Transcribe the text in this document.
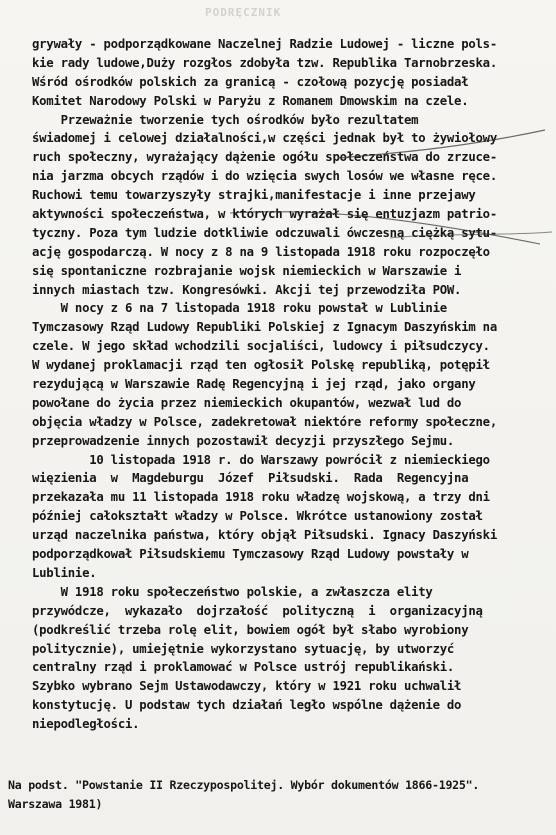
PODRĘCZNIK
grywały - podporządkowane Naczelnej Radzie Ludowej - liczne pols-
kie rady ludowe,Duży rozgłos zdobyła tzw. Republika Tarnobrzeska.
Wśród ośrodków polskich za granicą - czołową pozycję posiadał
Komitet Narodowy Polski w Paryżu z Romanem Dmowskim na czele.
Przeważnie tworzenie tych ośrodków było rezultatem
świadomej i celowej działalności,w części jednak był to żywiołowy
ruch społeczny, wyrażający dążenie ogółu społeczeństwa do zrzuce-
nia jarzma obcych rządów i do wzięcia swych losów we własne ręce.
Ruchowi temu towarzyszyły strajki,manifestacje i inne przejawy
aktywności społeczeństwa, w których wyrażał się entuzjazm patrio-
tyczny. Poza tym ludzie dotkliwie odczuwali ówczesną ciężką sytu-
ację gospodarczą. W nocy z 8 na 9 listopada 1918 roku rozpoczęło
się spontaniczne rozbrajanie wojsk niemieckich w Warszawie i
innych miastach tzw. Kongresówki. Akcji tej przewodziła POW.
W nocy z 6 na 7 listopada 1918 roku powstał w Lublinie
Tymczasowy Rząd Ludowy Republiki Polskiej z Ignacym Daszyńskim na
czele. W jego skład wchodzili socjaliści, ludowcy i piłsudczycy.
W wydanej proklamacji rząd ten ogłosił Polskę republiką, potępił
rezydującą w Warszawie Radę Regencyjną i jej rząd, jako organy
powołane do życia przez niemieckich okupantów, wezwał lud do
objęcia władzy w Polsce, zadekretował niektóre reformy społeczne,
przeprowadzenie innych pozostawił decyzji przyszłego Sejmu.
10 listopada 1918 r. do Warszawy powrócił z niemieckiego
więzienia  w  Magdeburgu  Józef  Piłsudski.  Rada  Regencyjna
przekazała mu 11 listopada 1918 roku władzę wojskową, a trzy dni
później całokształt władzy w Polsce. Wkrótce ustanowiony został
urząd naczelnika państwa, który objął Piłsudski. Ignacy Daszyński
podporządkował Piłsudskiemu Tymczasowy Rząd Ludowy powstały w
Lublinie.
W 1918 roku społeczeństwo polskie, a zwłaszcza elity
przywódcze,  wykazało  dojrzałość  polityczną  i  organizacyjną
(podkreślić trzeba rolę elit, bowiem ogół był słabo wyrobiony
politycznie), umiejętnie wykorzystano sytuację, by utworzyć
centralny rząd i proklamować w Polsce ustrój republikański.
Szybko wybrano Sejm Ustawodawczy, który w 1921 roku uchwalił
konstytucję. U podstaw tych działań legło wspólne dążenie do
niepodległości.
Na podst. "Powstanie II Rzeczypospolitej. Wybór dokumentów 1866-1925".
Warszawa 1981)
